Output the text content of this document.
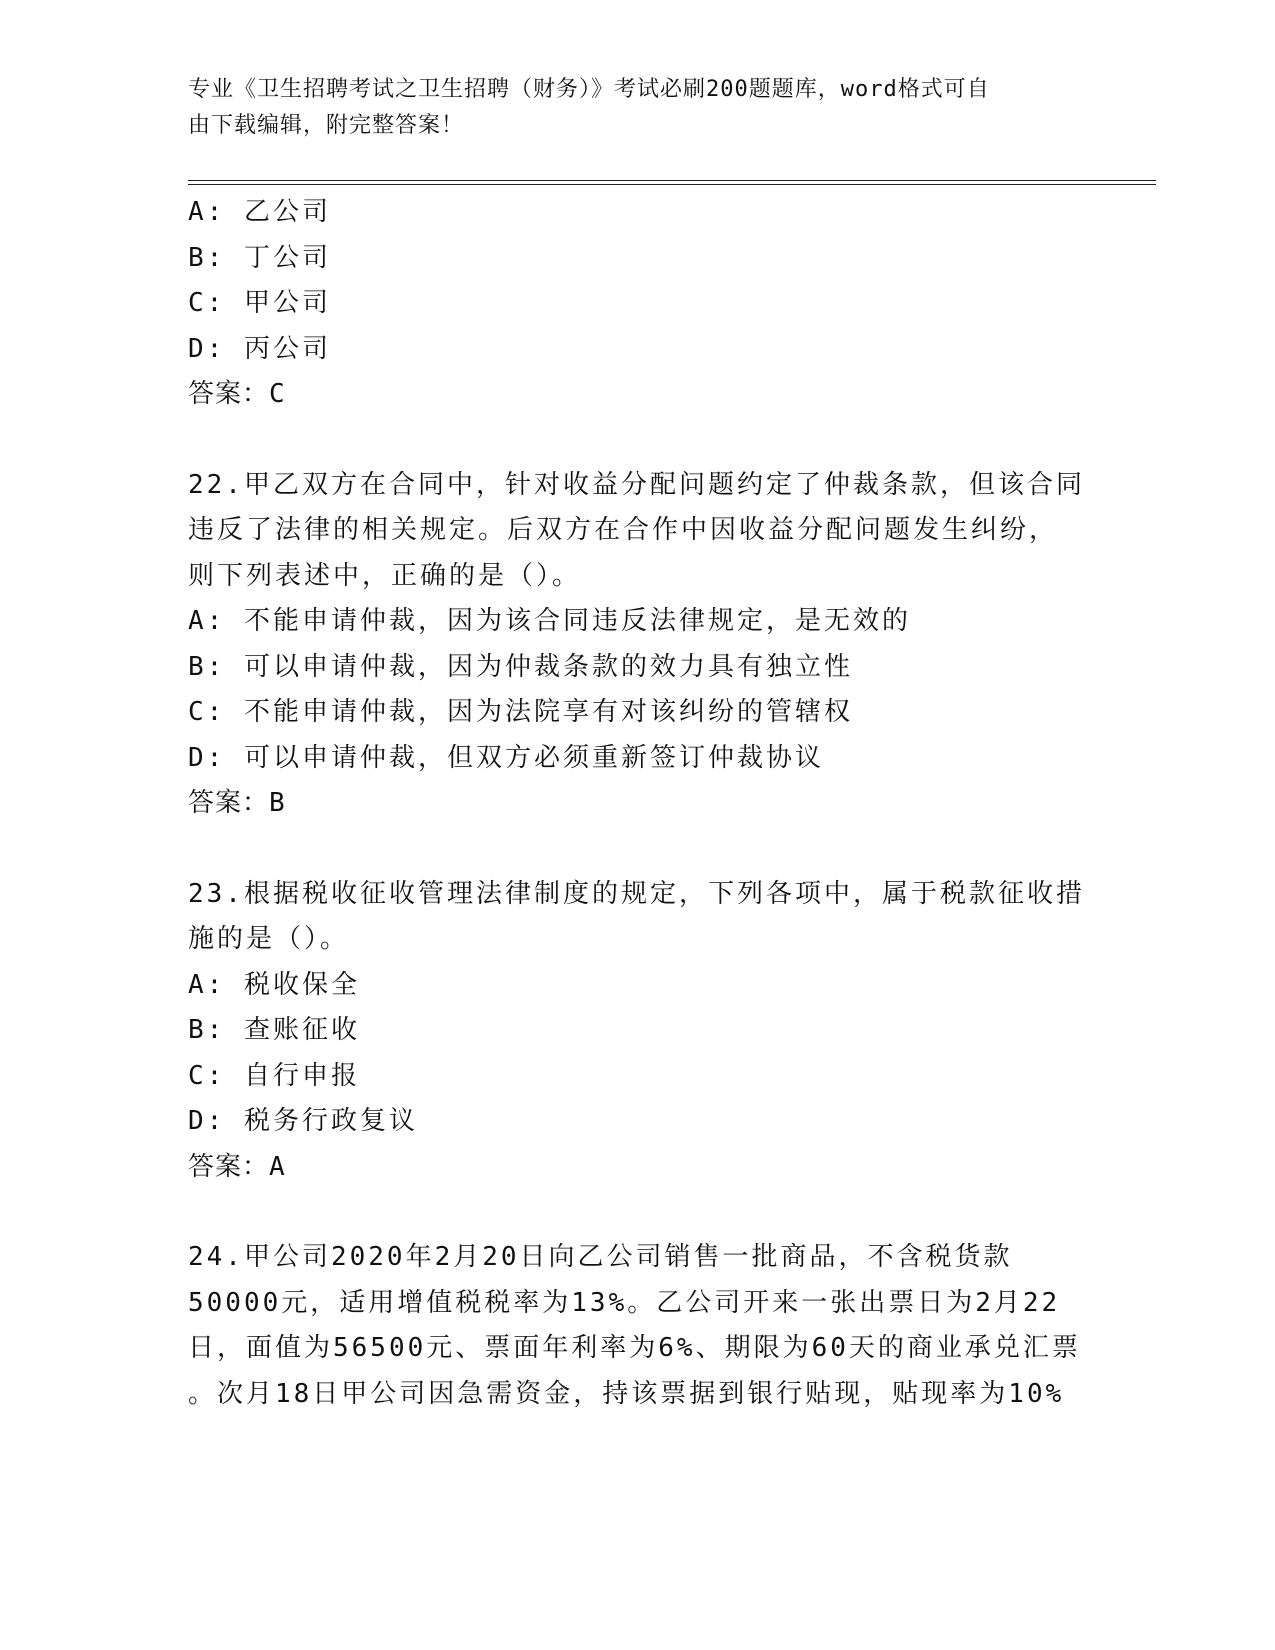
专业《卫生招聘考试之卫生招聘（财务）》考试必刷200题题库，word格式可自
由下载编辑，附完整答案！
A: 乙公司
B: 丁公司
C: 甲公司
D: 丙公司
答案：C
22.甲乙双方在合同中，针对收益分配问题约定了仲裁条款，但该合同
违反了法律的相关规定。后双方在合作中因收益分配问题发生纠纷，
则下列表述中，正确的是（）。
A: 不能申请仲裁，因为该合同违反法律规定，是无效的
B: 可以申请仲裁，因为仲裁条款的效力具有独立性
C: 不能申请仲裁，因为法院享有对该纠纷的管辖权
D: 可以申请仲裁，但双方必须重新签订仲裁协议
答案：B
23.根据税收征收管理法律制度的规定，下列各项中，属于税款征收措
施的是（）。
A: 税收保全
B: 查账征收
C: 自行申报
D: 税务行政复议
答案：A
24.甲公司2020年2月20日向乙公司销售一批商品，不含税货款
50000元，适用增值税税率为13%。乙公司开来一张出票日为2月22
日，面值为56500元、票面年利率为6%、期限为60天的商业承兑汇票
。次月18日甲公司因急需资金，持该票据到银行贴现，贴现率为10%
